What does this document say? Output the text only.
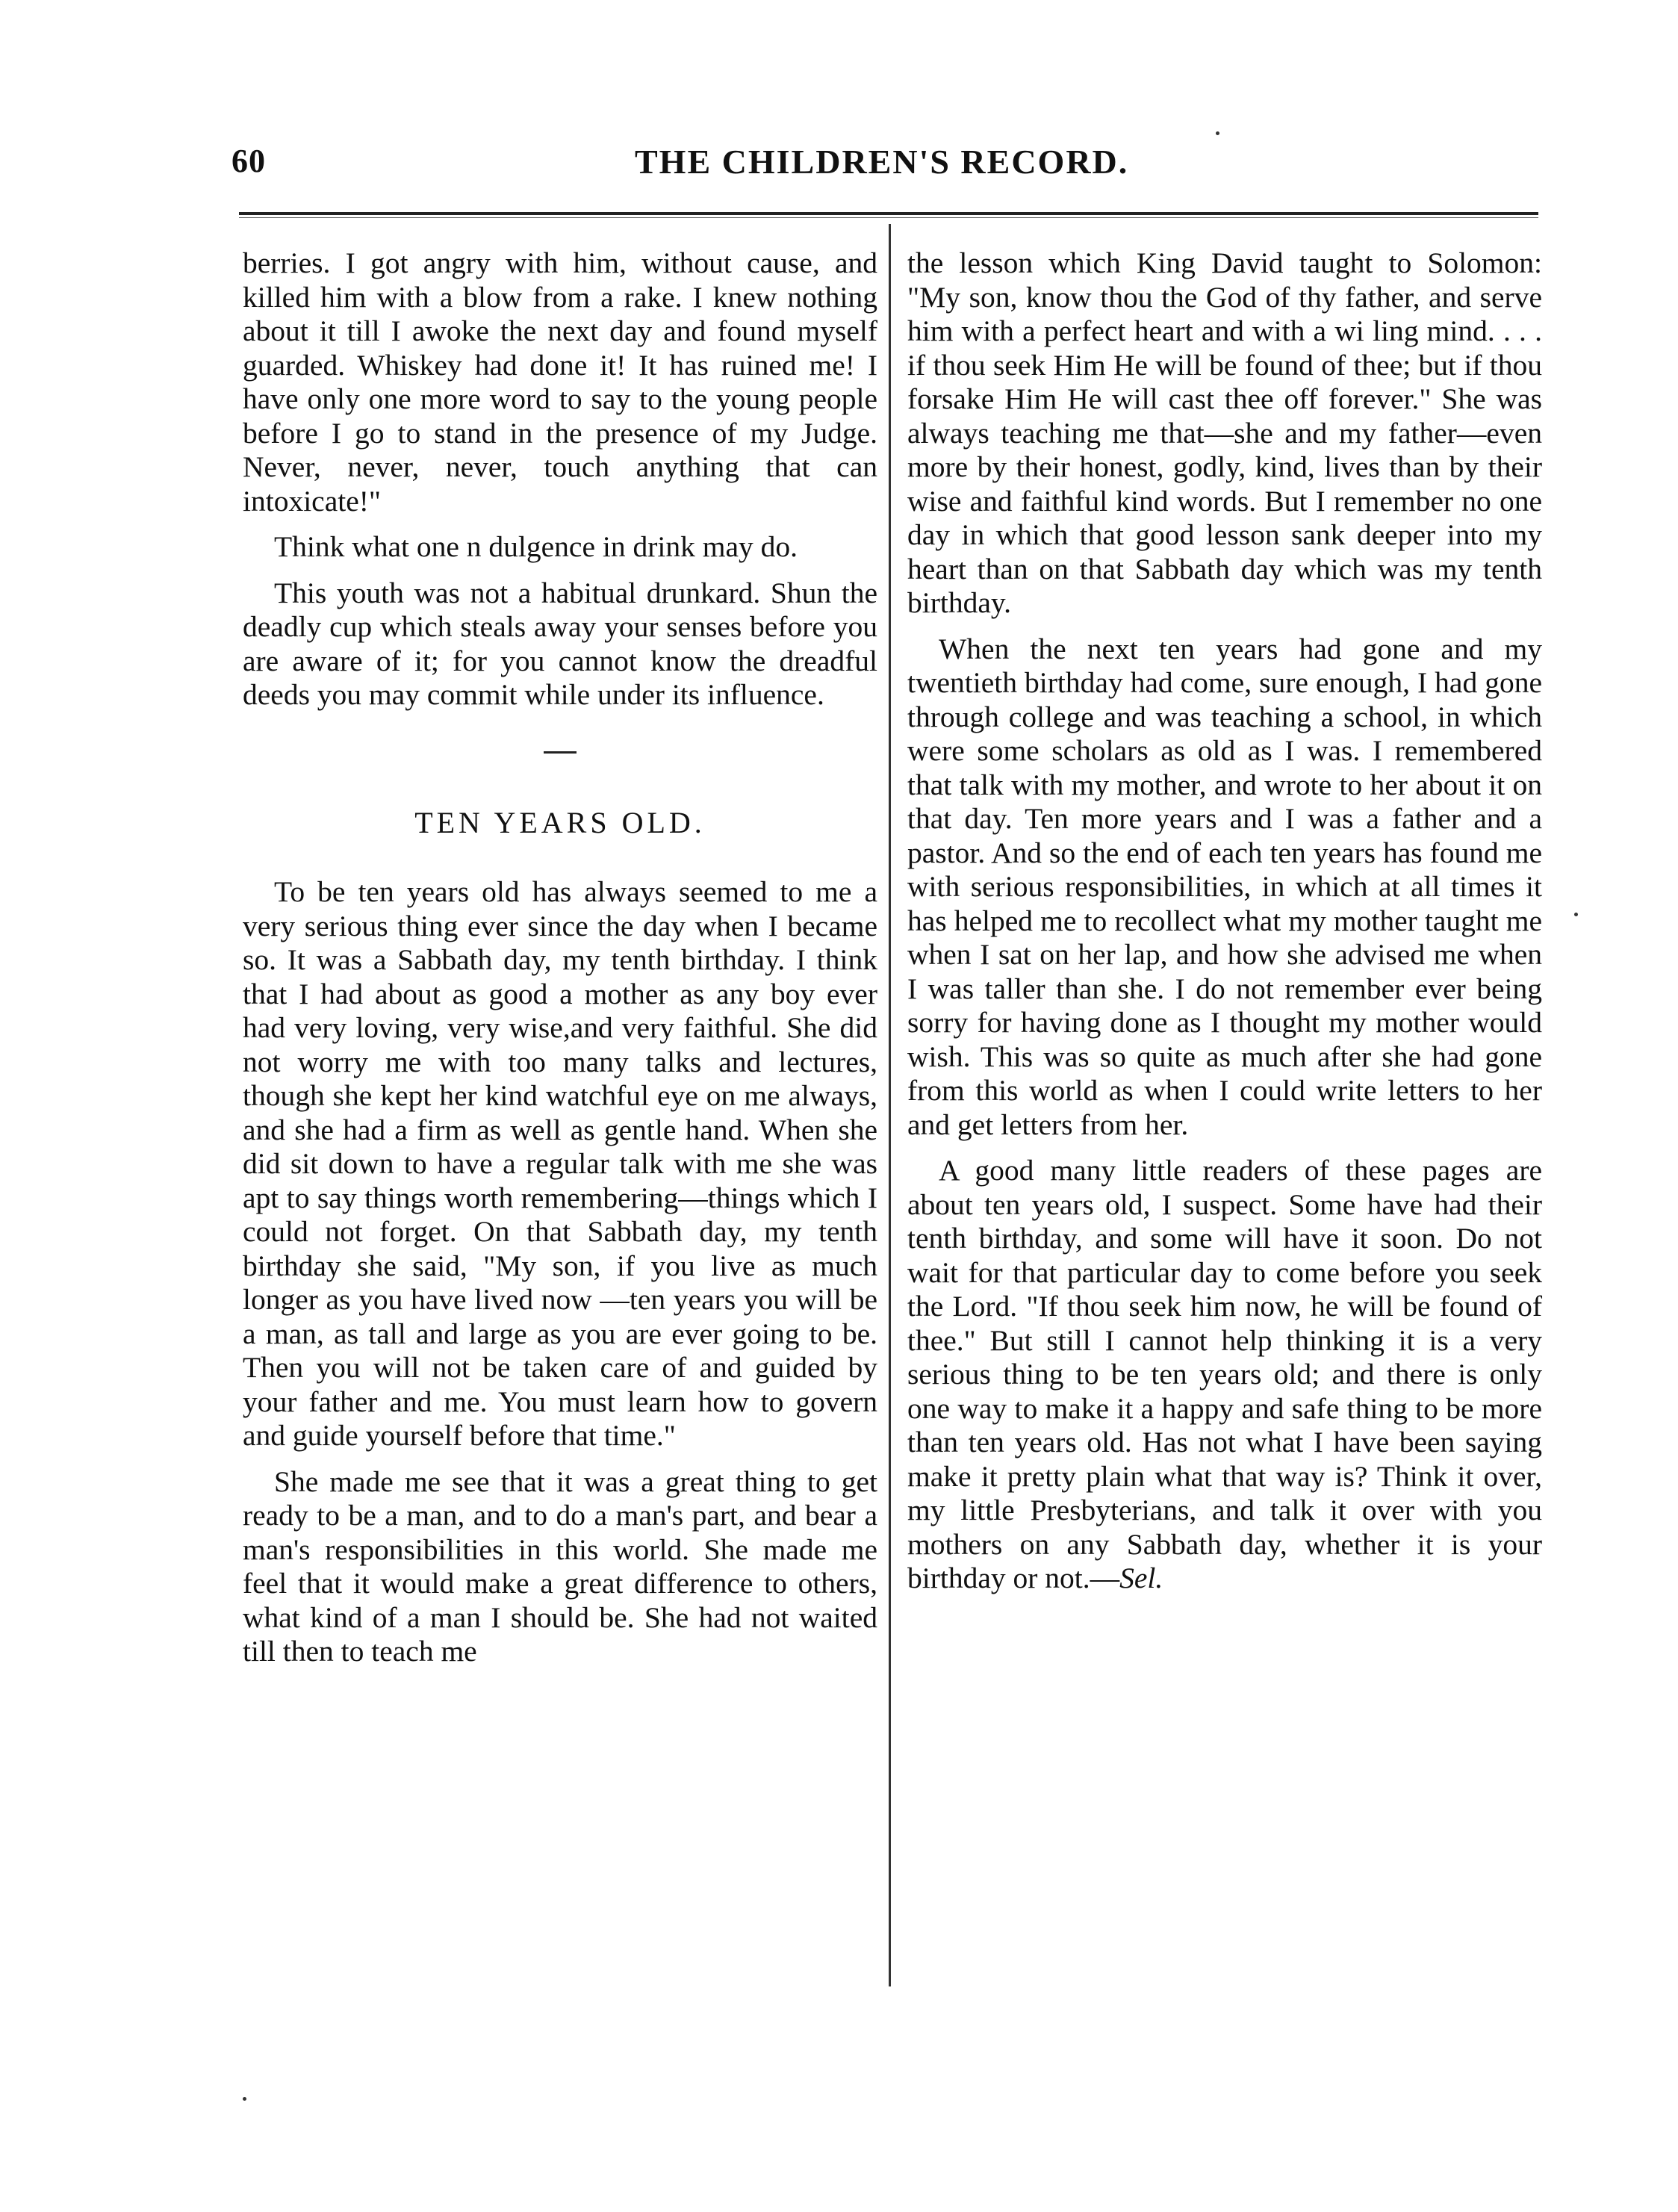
60	THE CHILDREN'S RECORD.

berries. I got angry with him, without cause, and killed him with a blow from a rake. I knew nothing about it till I awoke the next day and found myself guarded. Whiskey had done it! It has ruined me! I have only one more word to say to the young people before I go to stand in the presence of my Judge. Never, never, never, touch anything that can intoxicate!"

Think what one n dulgence in drink may do.

This youth was not a habitual drunkard. Shun the deadly cup which steals away your senses before you are aware of it; for you cannot know the dreadful deeds you may commit while under its influence.

TEN YEARS OLD.

To be ten years old has always seemed to me a very serious thing ever since the day when I became so. It was a Sabbath day, my tenth birthday. I think that I had about as good a mother as any boy ever had very loving, very wise,and very faithful. She did not worry me with too many talks and lectures, though she kept her kind watchful eye on me always, and she had a firm as well as gentle hand. When she did sit down to have a regular talk with me she was apt to say things worth remembering—things which I could not forget. On that Sabbath day, my tenth birthday she said, "My son, if you live as much longer as you have lived now —ten years you will be a man, as tall and large as you are ever going to be. Then you will not be taken care of and guided by your father and me. You must learn how to govern and guide yourself before that time."

She made me see that it was a great thing to get ready to be a man, and to do a man's part, and bear a man's responsibilities in this world. She made me feel that it would make a great difference to others, what kind of a man I should be. She had not waited till then to teach me

the lesson which King David taught to Solomon: "My son, know thou the God of thy father, and serve him with a perfect heart and with a wi ling mind. . . . if thou seek Him He will be found of thee; but if thou forsake Him He will cast thee off forever." She was always teaching me that—she and my father—even more by their honest, godly, kind, lives than by their wise and faithful kind words. But I remember no one day in which that good lesson sank deeper into my heart than on that Sabbath day which was my tenth birthday.

When the next ten years had gone and my twentieth birthday had come, sure enough, I had gone through college and was teaching a school, in which were some scholars as old as I was. I remembered that talk with my mother, and wrote to her about it on that day. Ten more years and I was a father and a pastor. And so the end of each ten years has found me with serious responsibilities, in which at all times it has helped me to recollect what my mother taught me when I sat on her lap, and how she advised me when I was taller than she. I do not remember ever being sorry for having done as I thought my mother would wish. This was so quite as much after she had gone from this world as when I could write letters to her and get letters from her.

A good many little readers of these pages are about ten years old, I suspect. Some have had their tenth birthday, and some will have it soon. Do not wait for that particular day to come before you seek the Lord. "If thou seek him now, he will be found of thee." But still I cannot help thinking it is a very serious thing to be ten years old; and there is only one way to make it a happy and safe thing to be more than ten years old. Has not what I have been saying make it pretty plain what that way is? Think it over, my little Presbyterians, and talk it over with you mothers on any Sabbath day, whether it is your birthday or not.—Sel.
